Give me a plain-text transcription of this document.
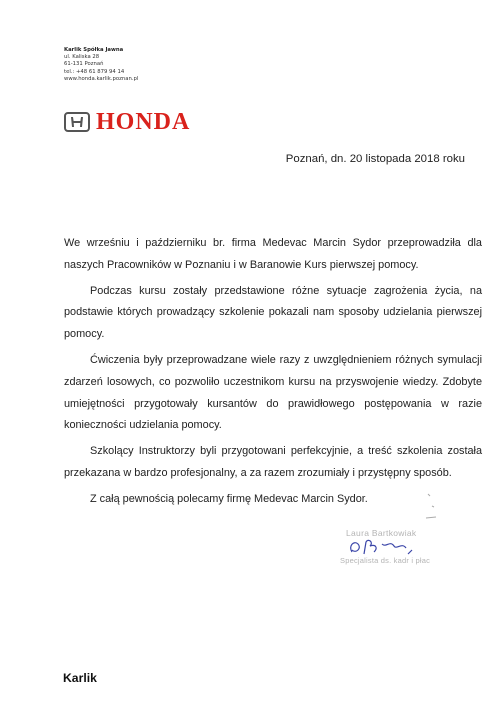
Karlik Spółka Jawna
ul. Kaliska 28
61-131 Poznań
tel.: +48 61 879 94 14
www.honda.karlik.poznan.pl
HONDA
Poznań, dn. 20 listopada 2018 roku

We wrześniu i październiku br. firma Medevac Marcin Sydor przeprowadziła dla naszych Pracowników w Poznaniu i w Baranowie Kurs pierwszej pomocy.

Podczas kursu zostały przedstawione różne sytuacje zagrożenia życia, na podstawie których prowadzący szkolenie pokazali nam sposoby udzielania pierwszej pomocy.

Ćwiczenia były przeprowadzane wiele razy z uwzględnieniem różnych symulacji zdarzeń losowych, co pozwoliło uczestnikom kursu na przyswojenie wiedzy. Zdobyte umiejętności przygotowały kursantów do prawidłowego postępowania w razie konieczności udzielania pomocy.

Szkolący Instruktorzy byli przygotowani perfekcyjnie, a treść szkolenia została przekazana w bardzo profesjonalny, a za razem zrozumiały i przystępny sposób.

Z całą pewnością polecamy firmę Medevac Marcin Sydor.

Laura Bartkowiak
Specjalista ds. kadr i płac
Karlik
